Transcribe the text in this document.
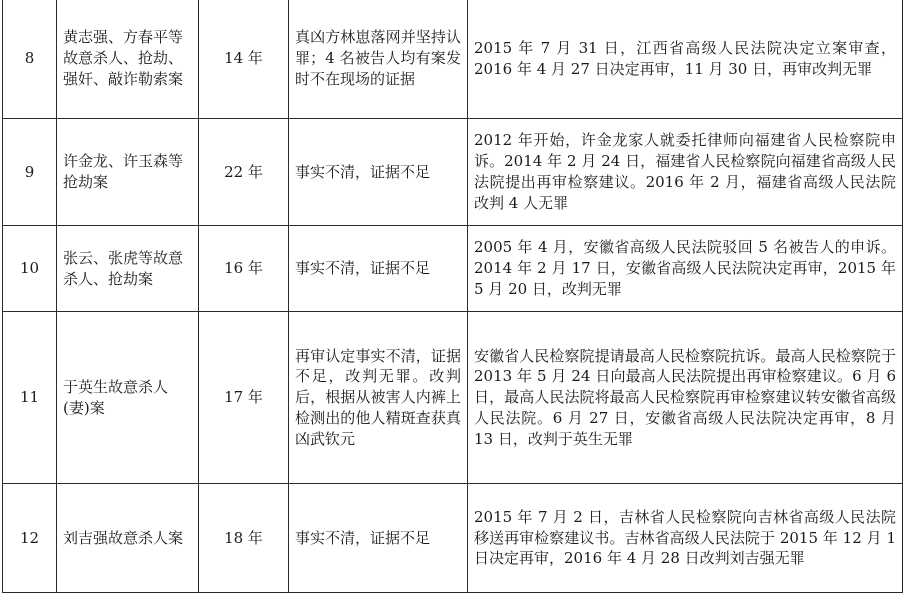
8	黄志强、方春平等故意杀人、抢劫、强奸、敲诈勒索案	14 年	真凶方林崽落网并坚持认罪；4 名被告人均有案发时不在现场的证据	2015 年 7 月 31 日，江西省高级人民法院决定立案审查，2016 年 4 月 27 日决定再审，11 月 30 日，再审改判无罪
9	许金龙、许玉森等抢劫案	22 年	事实不清，证据不足	2012 年开始，许金龙家人就委托律师向福建省人民检察院申诉。2014 年 2 月 24 日，福建省人民检察院向福建省高级人民法院提出再审检察建议。2016 年 2 月，福建省高级人民法院改判 4 人无罪
10	张云、张虎等故意杀人、抢劫案	16 年	事实不清，证据不足	2005 年 4 月，安徽省高级人民法院驳回 5 名被告人的申诉。2014 年 2 月 17 日，安徽省高级人民法院决定再审，2015 年 5 月 20 日，改判无罪
11	于英生故意杀人(妻)案	17 年	再审认定事实不清，证据不足，改判无罪。改判后，根据从被害人内裤上检测出的他人精斑查获真凶武钦元	安徽省人民检察院提请最高人民检察院抗诉。最高人民检察院于 2013 年 5 月 24 日向最高人民法院提出再审检察建议。6 月 6 日，最高人民法院将最高人民检察院再审检察建议转安徽省高级人民法院。6 月 27 日，安徽省高级人民法院决定再审，8 月 13 日，改判于英生无罪
12	刘吉强故意杀人案	18 年	事实不清，证据不足	2015 年 7 月 2 日，吉林省人民检察院向吉林省高级人民法院移送再审检察建议书。吉林省高级人民法院于 2015 年 12 月 1 日决定再审，2016 年 4 月 28 日改判刘吉强无罪
